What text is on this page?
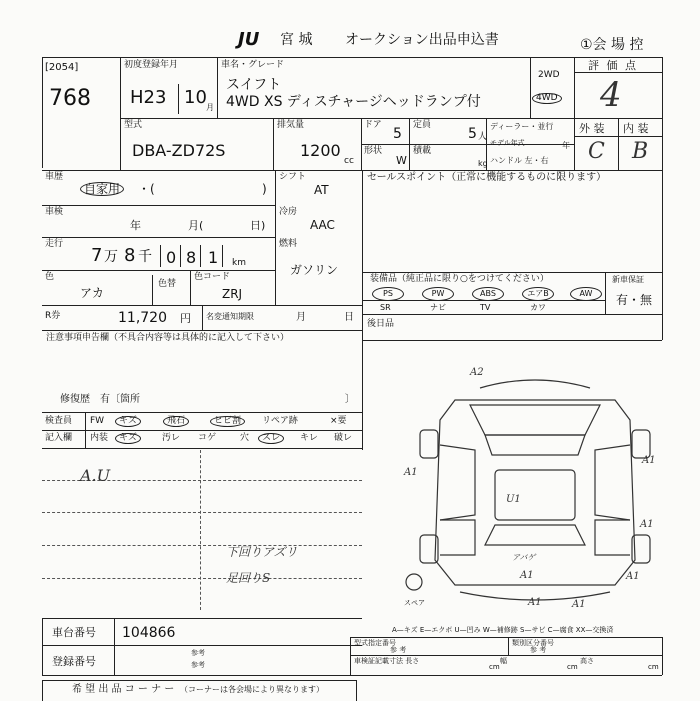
JU 宮 城 オークション出品申込書	①会 場 控
[2054]
768
初度登録年月
H23 10 月
車名・グレード
スイフト
4WD XS ディスチャージヘッドランプ付
2WD
4WD
評 価 点
4
外 装 内 装
C B
型式
DBA-ZD72S
排気量
1200
cc
ドア
5
定員
5 人
形状
W
積載
kg
ディーラー・並行
モデル年式	年
ハンドル 左・右
車歴
自家用	・(	)
車検
年	月(	日)
走行
7 万 8 千 0 8 1 km
色
アカ
色替
色コード
ZRJ
R券	11,720 円 名変通知期限	月	日
シフト
AT
冷房
AAC
燃料
ガソリン
セールスポイント（正常に機能するものに限ります）
装備品（純正品に限り○をつけてください）
PS	PW	ABS	エアB	AW
SR	ナビ	TV	カワ
新車保証
有・無
後日品
注意事項申告欄（不具合内容等は具体的に記入して下さい）
修復歴　有〔箇所	〕
検査員
記入欄
FW	キズ	飛石	ヒビ割	リペア跡	×要
内装	キズ	汚レ コゲ	穴	スレ	キレ 破レ
A.U
下回りアズリ
足回りS
A2
A1
A1
A1
U1
A1	A1
A1	A1
アバゲ
スペア
A—キズ E—エクボ U—凹み W—補修跡 S—サビ C—腐食 XX—交換済
車台番号 104866
登録番号
参考
参考
型式指定番号
参 考
類別区分番号
参 考
車検証記載寸法 長さ
cm
幅
cm
高さ
cm
希 望 出 品 コ ー ナ ー （コーナーは各会場により異なります）
